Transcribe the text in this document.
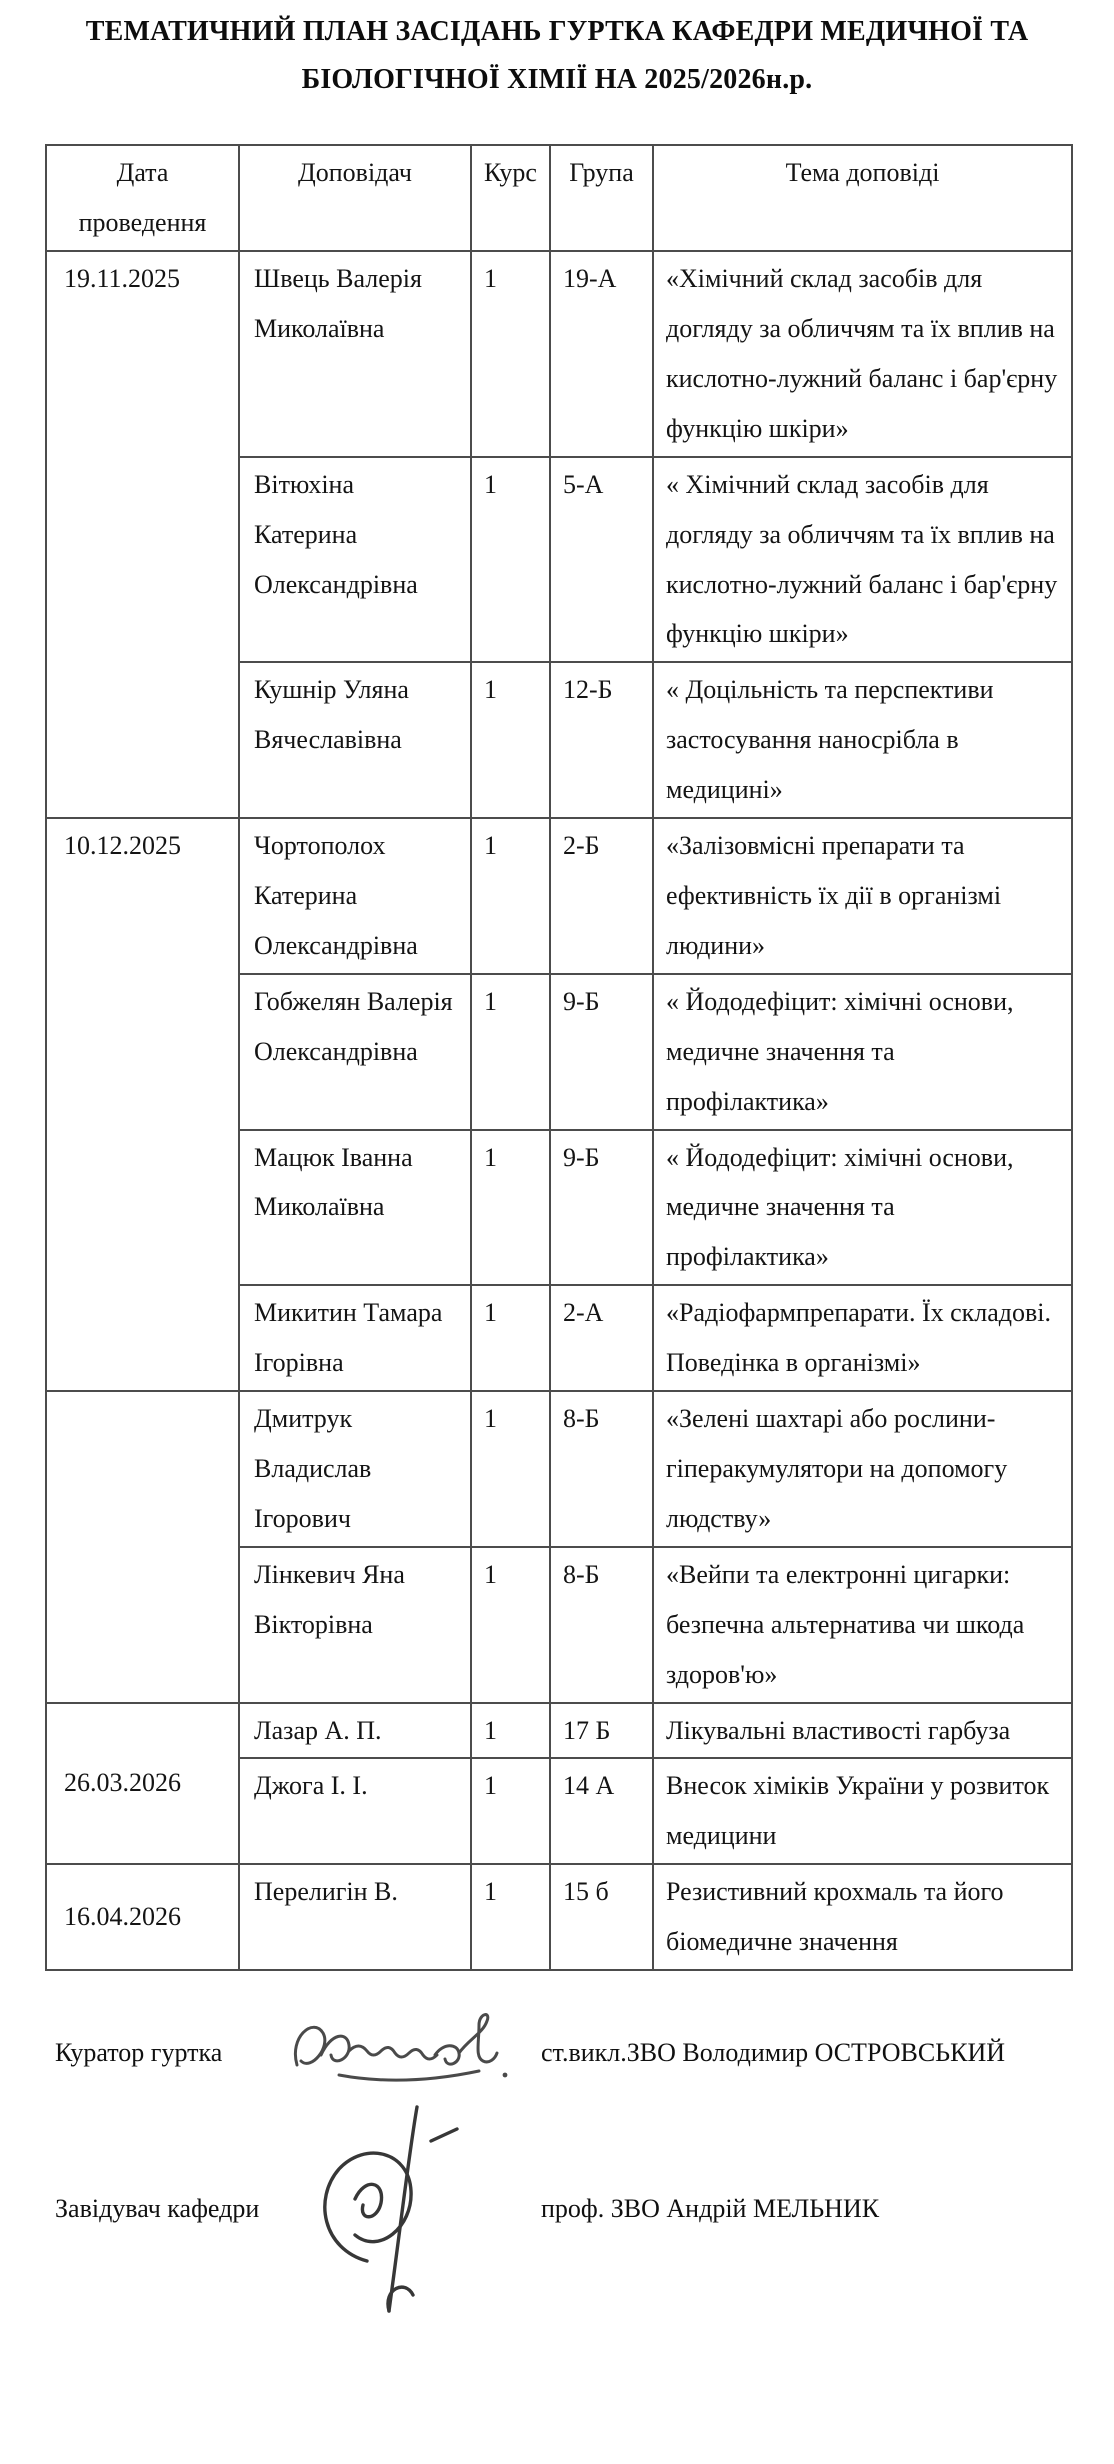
ТЕМАТИЧНИЙ ПЛАН ЗАСІДАНЬ ГУРТКА КАФЕДРИ МЕДИЧНОЇ ТА
БІОЛОГІЧНОЇ ХІМІЇ НА 2025/2026н.р.
Дата проведення	Доповідач	Курс	Група	Тема доповіді
19.11.2025	Швець Валерія Миколаївна	1	19-А	«Хімічний склад засобів для догляду за обличчям та їх вплив на кислотно-лужний баланс і бар'єрну функцію шкіри»
	Вітюхіна Катерина Олександрівна	1	5-А	« Хімічний склад засобів для догляду за обличчям та їх вплив на кислотно-лужний баланс і бар'єрну функцію шкіри»
	Кушнір Уляна Вячеславівна	1	12-Б	« Доцільність та перспективи застосування наносрібла в медицині»
10.12.2025	Чортополох Катерина Олександрівна	1	2-Б	«Залізовмісні препарати та ефективність їх дії в організмі людини»
	Гобжелян Валерія Олександрівна	1	9-Б	« Йододефіцит: хімічні основи, медичне значення та профілактика»
	Мацюк Іванна Миколаївна	1	9-Б	« Йододефіцит: хімічні основи, медичне значення та профілактика»
	Микитин Тамара Ігорівна	1	2-А	«Радіофармпрепарати. Їх складові. Поведінка в організмі»
	Дмитрук Владислав Ігорович	1	8-Б	«Зелені шахтарі або рослини-гіперакумулятори на допомогу людству»
	Лінкевич Яна Вікторівна	1	8-Б	«Вейпи та електронні цигарки: безпечна альтернатива чи шкода здоров'ю»
26.03.2026	Лазар А. П.	1	17 Б	Лікувальні властивості гарбуза
	Джога І. І.	1	14 А	Внесок хіміків України у розвиток медицини
16.04.2026	Перелигін В.	1	15 б	Резистивний крохмаль та його біомедичне значення
Куратор гуртка	ст.викл.ЗВО Володимир ОСТРОВСЬКИЙ
Завідувач кафедри	проф. ЗВО Андрій МЕЛЬНИК
